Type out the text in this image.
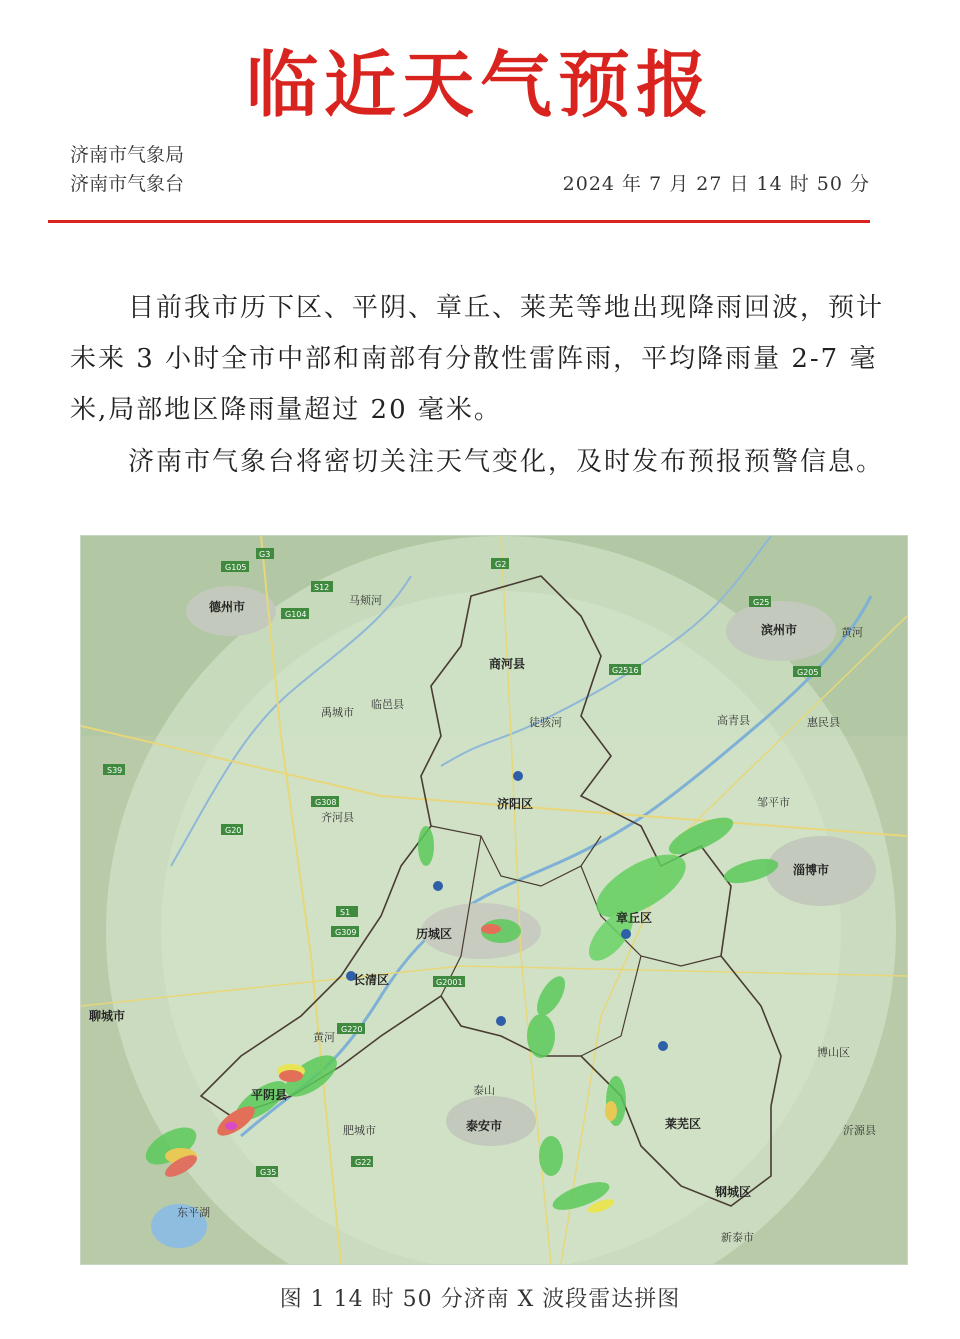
临近天气预报
济南市气象局
济南市气象台	2024 年 7 月 27 日 14 时 50 分

目前我市历下区、平阴、章丘、莱芜等地出现降雨回波，预计未来 3 小时全市中部和南部有分散性雷阵雨，平均降雨量 2-7 毫米,局部地区降雨量超过 20 毫米。

济南市气象台将密切关注天气变化，及时发布预报预警信息。

G105
G104
G308
G20
G35
G220
G2516	G205
G25
G22
G2001
S1
G309
S39
G2
G3
S12
德州市
商河县
济阳区
滨州市
淄博市
章丘区
长清区
平阴县
聊城市
泰安市
泰山
莱芜区
钢城区
历城区
东平湖
临邑县
齐河县
禹城市
高青县	惠民县
邹平市
肥城市
新泰市
沂源县
博山区
马颊河
徒骇河
黄河
黄河
图 1 14 时 50 分济南 X 波段雷达拼图
